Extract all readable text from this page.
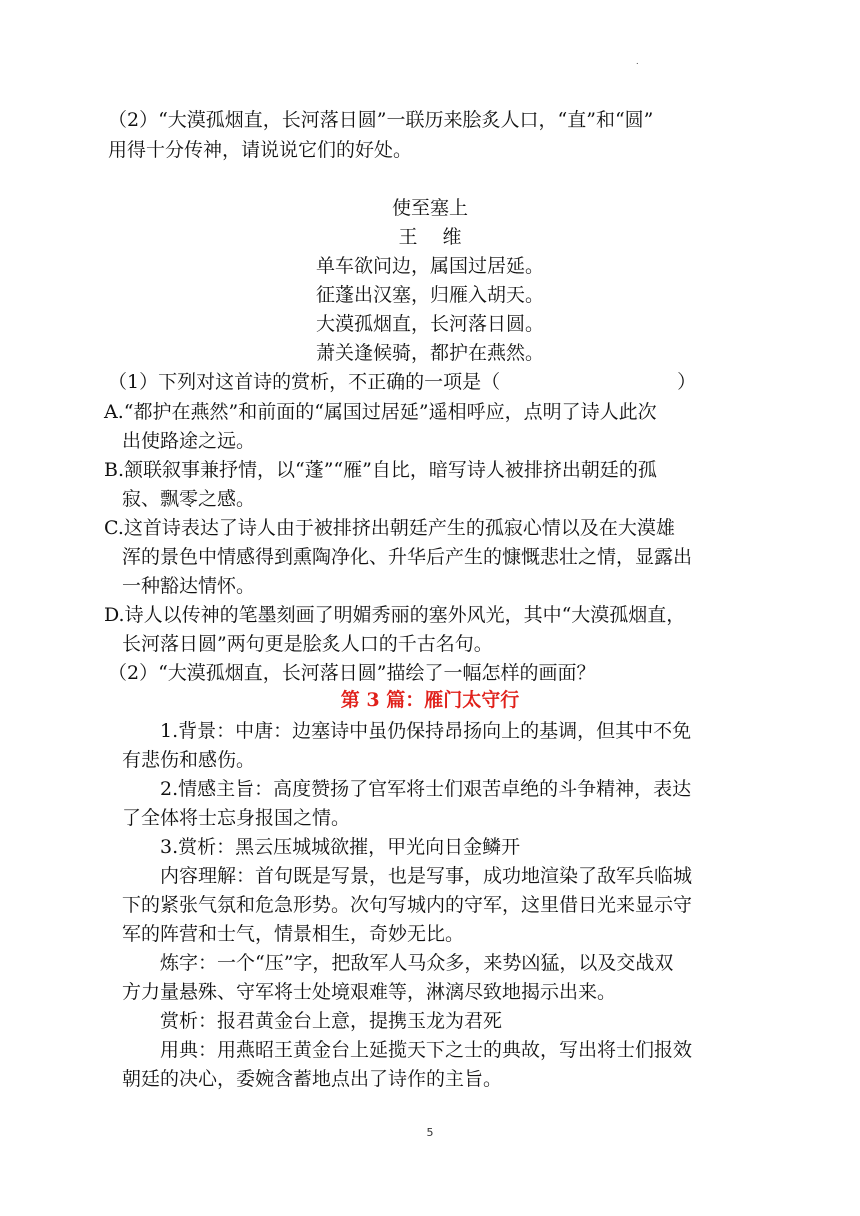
.
（2）“大漠孤烟直，长河落日圆”一联历来脍炙人口，“直”和“圆”
用得十分传神，请说说它们的好处。
使至塞上
王　 维
单车欲问边，属国过居延。
征蓬出汉塞，归雁入胡天。
大漠孤烟直，长河落日圆。
萧关逢候骑，都护在燕然。
（1）下列对这首诗的赏析，不正确的一项是（　　　　　　　　　 ）
A.“都护在燕然”和前面的“属国过居延”遥相呼应，点明了诗人此次
出使路途之远。
B.颔联叙事兼抒情，以“蓬”“雁”自比，暗写诗人被排挤出朝廷的孤
寂、飘零之感。
C.这首诗表达了诗人由于被排挤出朝廷产生的孤寂心情以及在大漠雄
浑的景色中情感得到熏陶净化、升华后产生的慷慨悲壮之情，显露出
一种豁达情怀。
D.诗人以传神的笔墨刻画了明媚秀丽的塞外风光，其中“大漠孤烟直，
长河落日圆”两句更是脍炙人口的千古名句。
（2）“大漠孤烟直，长河落日圆”描绘了一幅怎样的画面？
第 3 篇：雁门太守行
1.背景：中唐：边塞诗中虽仍保持昂扬向上的基调，但其中不免
有悲伤和感伤。
2.情感主旨：高度赞扬了官军将士们艰苦卓绝的斗争精神，表达
了全体将士忘身报国之情。
3.赏析：黑云压城城欲摧，甲光向日金鳞开
内容理解：首句既是写景，也是写事，成功地渲染了敌军兵临城
下的紧张气氛和危急形势。次句写城内的守军，这里借日光来显示守
军的阵营和士气，情景相生，奇妙无比。
炼字：一个“压”字，把敌军人马众多，来势凶猛，以及交战双
方力量悬殊、守军将士处境艰难等，淋漓尽致地揭示出来。
赏析：报君黄金台上意，提携玉龙为君死
用典：用燕昭王黄金台上延揽天下之士的典故，写出将士们报效
朝廷的决心，委婉含蓄地点出了诗作的主旨。
5
